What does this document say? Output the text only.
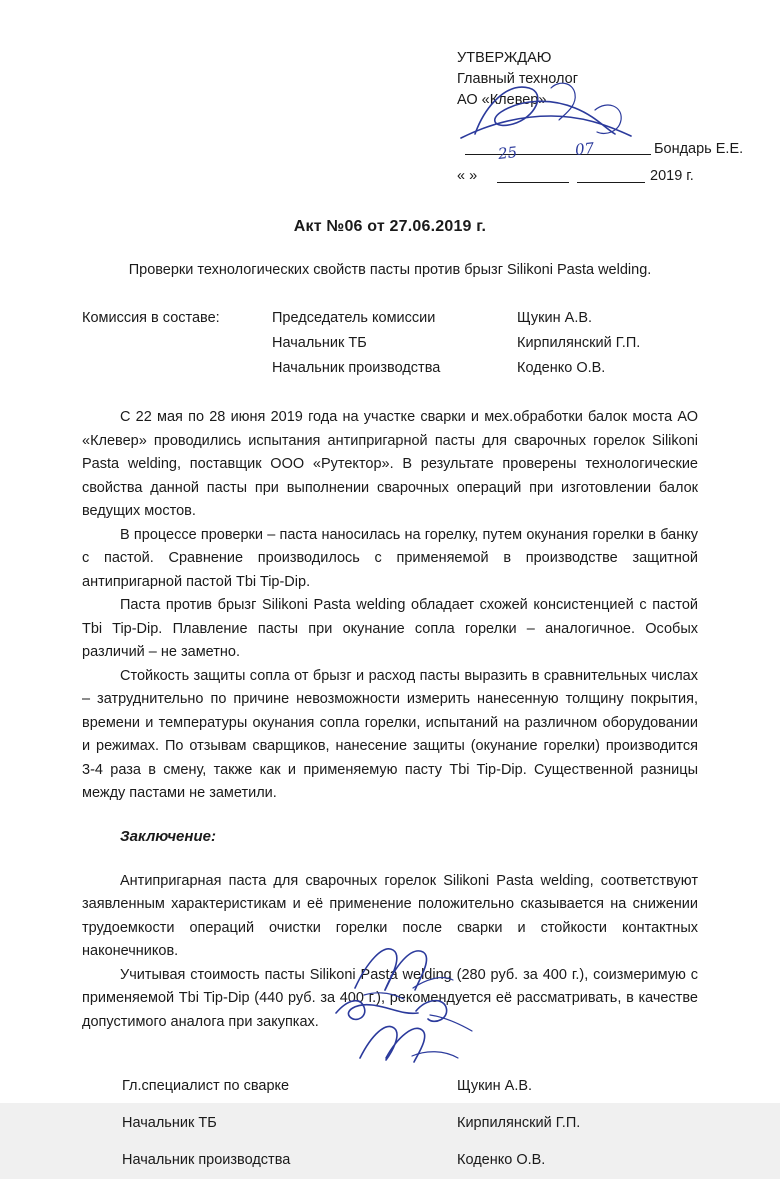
УТВЕРЖДАЮ
Главный технолог
АО «Клевер»
Бондарь Е.Е.
« »	2019 г.
Акт №06 от 27.06.2019 г.
Проверки технологических свойств пасты против брызг Silikoni Pasta welding.
Комиссия в составе:	Председатель комиссии	Щукин А.В.
Начальник ТБ	Кирпилянский Г.П.
Начальник производства	Коденко О.В.

С 22 мая по 28 июня 2019 года на участке сварки и мех.обработки балок моста АО «Клевер» проводились испытания антипригарной пасты для сварочных горелок Silikoni Pasta welding, поставщик ООО «Рутектор». В результате проверены технологические свойства данной пасты при выполнении сварочных операций при изготовлении балок ведущих мостов.

В процессе проверки – паста наносилась на горелку, путем окунания горелки в банку с пастой. Сравнение производилось с применяемой в производстве защитной антипригарной пастой Tbi Tip-Dip.

Паста против брызг Silikoni Pasta welding обладает схожей консистенцией с пастой Tbi Tip-Dip. Плавление пасты при окунание сопла горелки – аналогичное. Особых различий – не заметно.

Стойкость защиты сопла от брызг и расход пасты выразить в сравнительных числах – затруднительно по причине невозможности измерить нанесенную толщину покрытия, времени и температуры окунания сопла горелки, испытаний на различном оборудовании и режимах. По отзывам сварщиков, нанесение защиты (окунание горелки) производится 3-4 раза в смену, также как и применяемую пасту Tbi Tip-Dip. Существенной разницы между пастами не заметили.

Заключение:

Антипригарная паста для сварочных горелок Silikoni Pasta welding, соответствуют заявленным характеристикам и её применение положительно сказывается на снижении трудоемкости операций очистки горелки после сварки и стойкости контактных наконечников.

Учитывая стоимость пасты Silikoni Pasta welding (280 руб. за 400 г.), соизмеримую с применяемой Tbi Tip-Dip (440 руб. за 400 г.), рекомендуется её рассматривать, в качестве допустимого аналога при закупках.

Гл.специалист по сварке	Щукин А.В.
Начальник ТБ	Кирпилянский Г.П.
Начальник производства	Коденко О.В.
25	07
